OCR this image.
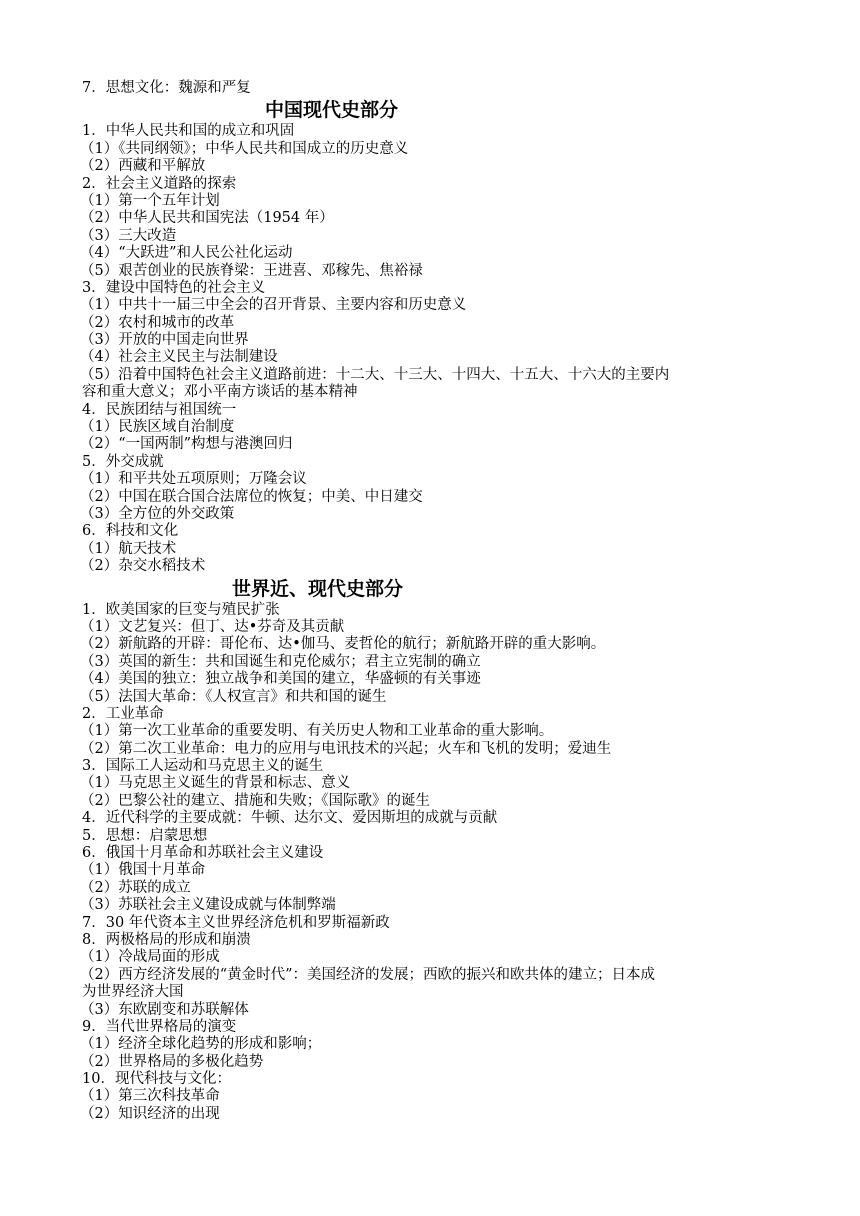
7．思想文化：魏源和严复
中国现代史部分
1．中华人民共和国的成立和巩固
（1）《共同纲领》；中华人民共和国成立的历史意义
（2）西藏和平解放
2．社会主义道路的探索
（1）第一个五年计划
（2）中华人民共和国宪法（1954 年）
（3）三大改造
（4）“大跃进”和人民公社化运动
（5）艰苦创业的民族脊梁：王进喜、邓稼先、焦裕禄
3．建设中国特色的社会主义
（1）中共十一届三中全会的召开背景、主要内容和历史意义
（2）农村和城市的改革
（3）开放的中国走向世界
（4）社会主义民主与法制建设
（5）沿着中国特色社会主义道路前进：十二大、十三大、十四大、十五大、十六大的主要内
容和重大意义；邓小平南方谈话的基本精神
4．民族团结与祖国统一
（1）民族区域自治制度
（2）“一国两制”构想与港澳回归
5．外交成就
（1）和平共处五项原则；万隆会议
（2）中国在联合国合法席位的恢复；中美、中日建交
（3）全方位的外交政策
6．科技和文化
（1）航天技术
（2）杂交水稻技术
世界近、现代史部分
1．欧美国家的巨变与殖民扩张
（1）文艺复兴：但丁、达•芬奇及其贡献
（2）新航路的开辟：哥伦布、达•伽马、麦哲伦的航行；新航路开辟的重大影响。
（3）英国的新生：共和国诞生和克伦威尔；君主立宪制的确立
（4）美国的独立：独立战争和美国的建立，华盛顿的有关事迹
（5）法国大革命：《人权宣言》和共和国的诞生
2．工业革命
（1）第一次工业革命的重要发明、有关历史人物和工业革命的重大影响。
（2）第二次工业革命：电力的应用与电讯技术的兴起；火车和飞机的发明；爱迪生
3．国际工人运动和马克思主义的诞生
（1）马克思主义诞生的背景和标志、意义
（2）巴黎公社的建立、措施和失败；《国际歌》的诞生
4．近代科学的主要成就：牛顿、达尔文、爱因斯坦的成就与贡献
5．思想：启蒙思想
6．俄国十月革命和苏联社会主义建设
（1）俄国十月革命
（2）苏联的成立
（3）苏联社会主义建设成就与体制弊端
7．30 年代资本主义世界经济危机和罗斯福新政
8．两极格局的形成和崩溃
（1）冷战局面的形成
（2）西方经济发展的“黄金时代”：美国经济的发展；西欧的振兴和欧共体的建立；日本成
为世界经济大国
（3）东欧剧变和苏联解体
9．当代世界格局的演变
（1）经济全球化趋势的形成和影响；
（2）世界格局的多极化趋势
10．现代科技与文化：
（1）第三次科技革命
（2）知识经济的出现
